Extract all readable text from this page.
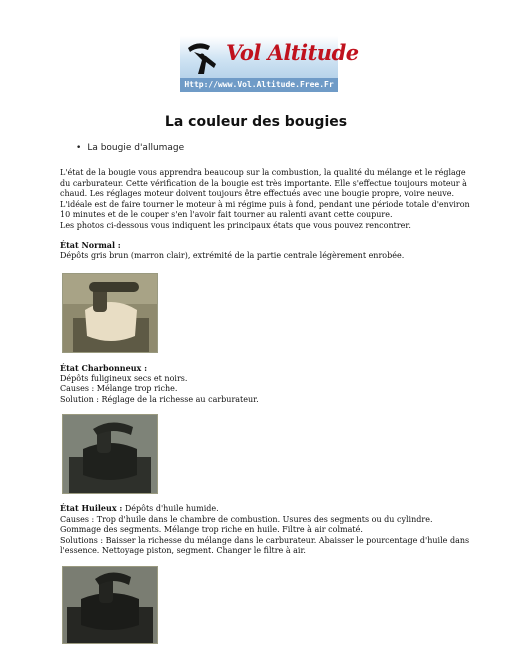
Vol Altitude
Http://www.Vol.Altitude.Free.Fr
La couleur des bougies
• La bougie d'allumage

L'état de la bougie vous apprendra beaucoup sur la combustion, la qualité du mélange et le réglage
du carburateur. Cette vérification de la bougie est très importante. Elle s'effectue toujours moteur à
chaud. Les réglages moteur doivent toujours être effectués avec une bougie propre, voire neuve.
L'idéale est de faire tourner le moteur à mi régime puis à fond, pendant une période totale d'environ
10 minutes et de le couper s'en l'avoir fait tourner au ralenti avant cette coupure.
Les photos ci-dessous vous indiquent les principaux états que vous pouvez rencontrer.

État Normal :
Dépôts gris brun (marron clair), extrémité de la partie centrale légèrement enrobée.

État Charbonneux :
Dépôts fuligineux secs et noirs.
Causes : Mélange trop riche.
Solution : Réglage de la richesse au carburateur.

État Huileux : Dépôts d'huile humide.
Causes : Trop d'huile dans le chambre de combustion. Usures des segments ou du cylindre.
Gommage des segments. Mélange trop riche en huile. Filtre à air colmaté.
Solutions : Baisser la richesse du mélange dans le carburateur. Abaisser le pourcentage d'huile dans
l'essence. Nettoyage piston, segment. Changer le filtre à air.
